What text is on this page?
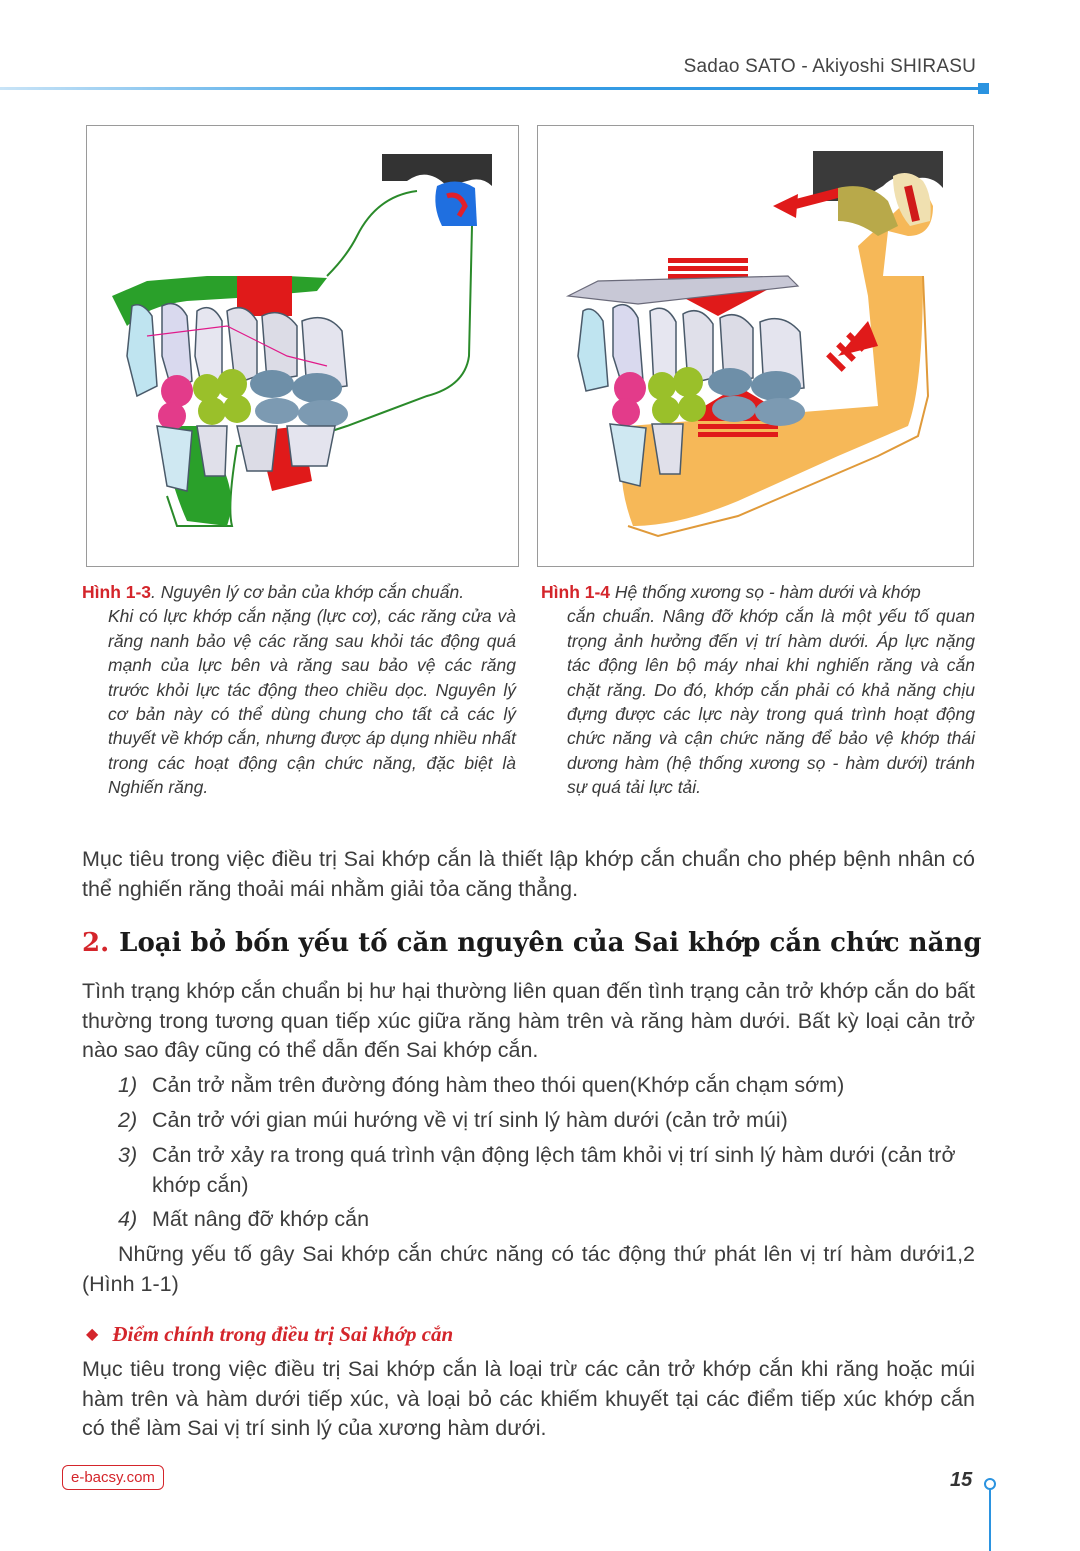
Sadao SATO - Akiyoshi SHIRASU
Hình 1-3. Nguyên lý cơ bản của khớp cắn chuẩn.
Khi có lực khớp cắn nặng (lực cơ), các răng cửa và răng nanh bảo vệ các răng sau khỏi tác động quá mạnh của lực bên và răng sau bảo vệ các răng trước khỏi lực tác động theo chiều dọc. Nguyên lý cơ bản này có thể dùng chung cho tất cả các lý thuyết về khớp cắn, nhưng được áp dụng nhiều nhất trong các hoạt động cận chức năng, đặc biệt là Nghiến răng.
Hình 1-4 Hệ thống xương sọ - hàm dưới và khớp
cắn chuẩn. Nâng đỡ khớp cắn là một yếu tố quan trọng ảnh hưởng đến vị trí hàm dưới. Áp lực nặng tác động lên bộ máy nhai khi nghiến răng và cắn chặt răng. Do đó, khớp cắn phải có khả năng chịu đựng được các lực này trong quá trình hoạt động chức năng và cận chức năng để bảo vệ khớp thái dương hàm (hệ thống xương sọ - hàm dưới) tránh sự quá tải lực tải.
Mục tiêu trong việc điều trị Sai khớp cắn là thiết lập khớp cắn chuẩn cho phép bệnh nhân có thể nghiến răng thoải mái nhằm giải tỏa căng thẳng.
2. Loại bỏ bốn yếu tố căn nguyên của Sai khớp cắn chức năng
Tình trạng khớp cắn chuẩn bị hư hại thường liên quan đến tình trạng cản trở khớp cắn do bất thường trong tương quan tiếp xúc giữa răng hàm trên và răng hàm dưới. Bất kỳ loại cản trở nào sao đây cũng có thể dẫn đến Sai khớp cắn.
1) Cản trở nằm trên đường đóng hàm theo thói quen(Khớp cắn chạm sớm)
2) Cản trở với gian múi hướng về vị trí sinh lý hàm dưới (cản trở múi)
3) Cản trở xảy ra trong quá trình vận động lệch tâm khỏi vị trí sinh lý hàm dưới (cản trở khớp cắn)
4) Mất nâng đỡ khớp cắn
Những yếu tố gây Sai khớp cắn chức năng có tác động thứ phát lên vị trí hàm dưới1,2 (Hình 1-1)
◆ Điểm chính trong điều trị Sai khớp cắn
Mục tiêu trong việc điều trị Sai khớp cắn là loại trừ các cản trở khớp cắn khi răng hoặc múi hàm trên và hàm dưới tiếp xúc, và loại bỏ các khiếm khuyết tại các điểm tiếp xúc khớp cắn có thể làm Sai vị trí sinh lý của xương hàm dưới.
e-bacsy.com	15
